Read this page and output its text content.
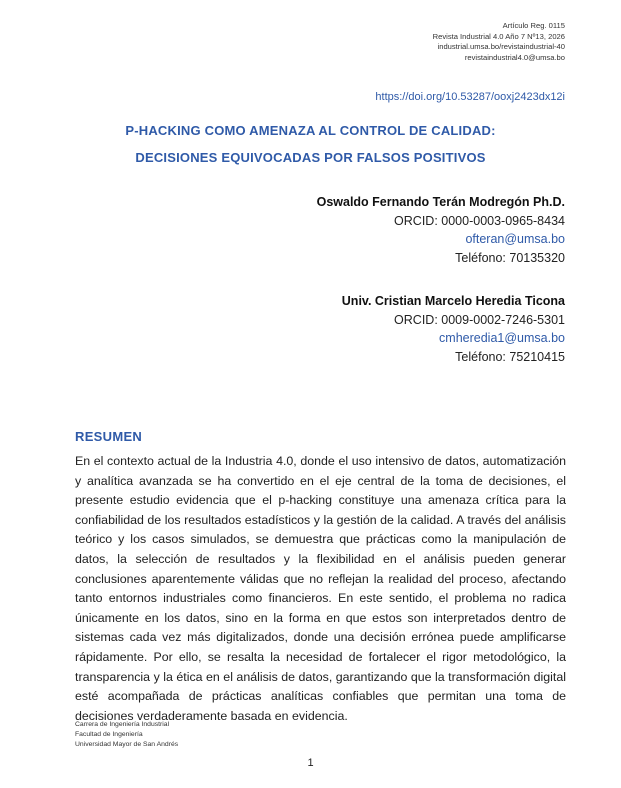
Artículo Reg. 0115
Revista Industrial 4.0 Año 7 Nº13, 2026
industrial.umsa.bo/revistaindustrial-40
revistaindustrial4.0@umsa.bo
https://doi.org/10.53287/ooxj2423dx12i
P-HACKING COMO AMENAZA AL CONTROL DE CALIDAD:
DECISIONES EQUIVOCADAS POR FALSOS POSITIVOS
Oswaldo Fernando Terán Modregón Ph.D.
ORCID: 0000-0003-0965-8434
ofteran@umsa.bo
Teléfono: 70135320
Univ. Cristian Marcelo Heredia Ticona
ORCID: 0009-0002-7246-5301
cmheredia1@umsa.bo
Teléfono: 75210415
RESUMEN

En el contexto actual de la Industria 4.0, donde el uso intensivo de datos, automatización y analítica avanzada se ha convertido en el eje central de la toma de decisiones, el presente estudio evidencia que el p-hacking constituye una amenaza crítica para la confiabilidad de los resultados estadísticos y la gestión de la calidad. A través del análisis teórico y los casos simulados, se demuestra que prácticas como la manipulación de datos, la selección de resultados y la flexibilidad en el análisis pueden generar conclusiones aparentemente válidas que no reflejan la realidad del proceso, afectando tanto entornos industriales como financieros. En este sentido, el problema no radica únicamente en los datos, sino en la forma en que estos son interpretados dentro de sistemas cada vez más digitalizados, donde una decisión errónea puede amplificarse rápidamente. Por ello, se resalta la necesidad de fortalecer el rigor metodológico, la transparencia y la ética en el análisis de datos, garantizando que la transformación digital esté acompañada de prácticas analíticas confiables que permitan una toma de decisiones verdaderamente basada en evidencia.

Carrera de Ingeniería Industrial
Facultad de Ingeniería
Universidad Mayor de San Andrés
1
